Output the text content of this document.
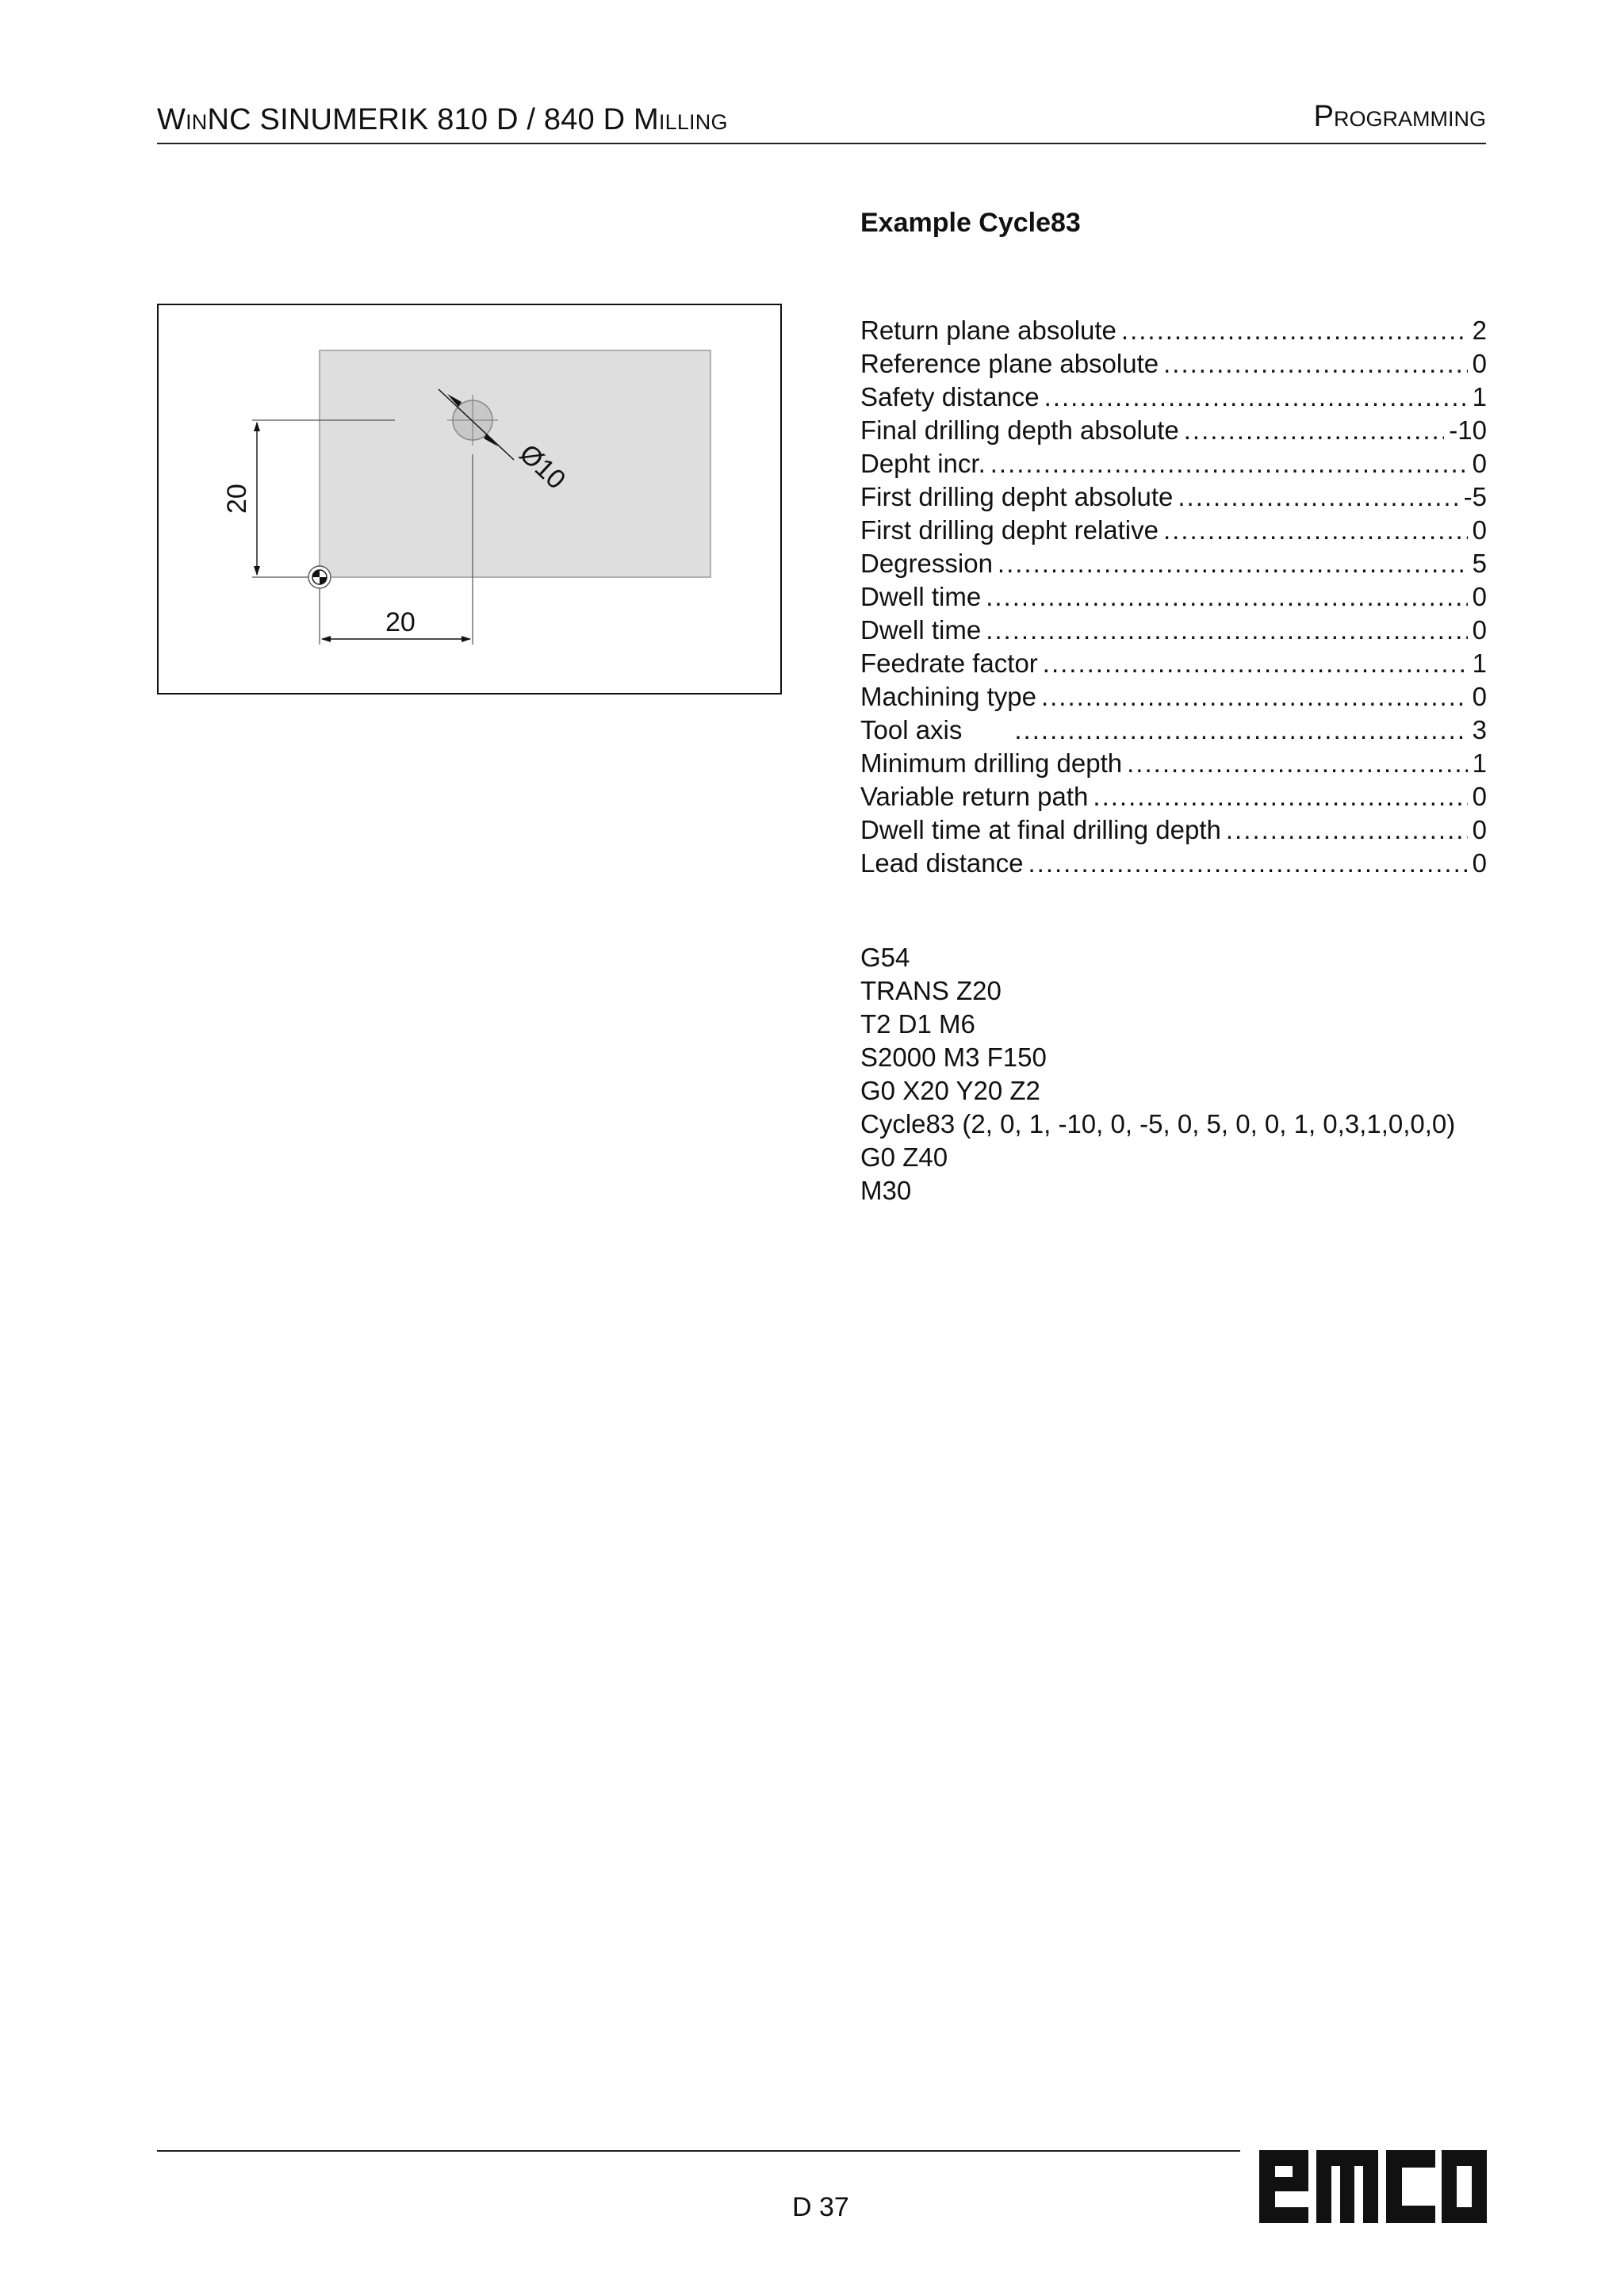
WINNC SINUMERIK 810 D / 840 D MILLING	PROGRAMMING
Example Cycle83
Ø10
20
20
Return plane absolute .....	2
Reference plane absolute .....	0
Safety distance .....	1
Final drilling depth absolute .....	-10
Depht incr. .....	0
First drilling depht absolute .....	-5
First drilling depht relative .....	0
Degression .....	5
Dwell time .....	0
Dwell time .....	0
Feedrate factor .....	1
Machining type .....	0
Tool axis .....	3
Minimum drilling depth .....	1
Variable return path .....	0
Dwell time at final drilling depth .....	0
Lead distance .....	0
G54
TRANS Z20
T2 D1 M6
S2000 M3 F150
G0 X20 Y20 Z2
Cycle83 (2, 0, 1, -10, 0, -5, 0, 5, 0, 0, 1, 0,3,1,0,0,0)
G0 Z40
M30
D 37
